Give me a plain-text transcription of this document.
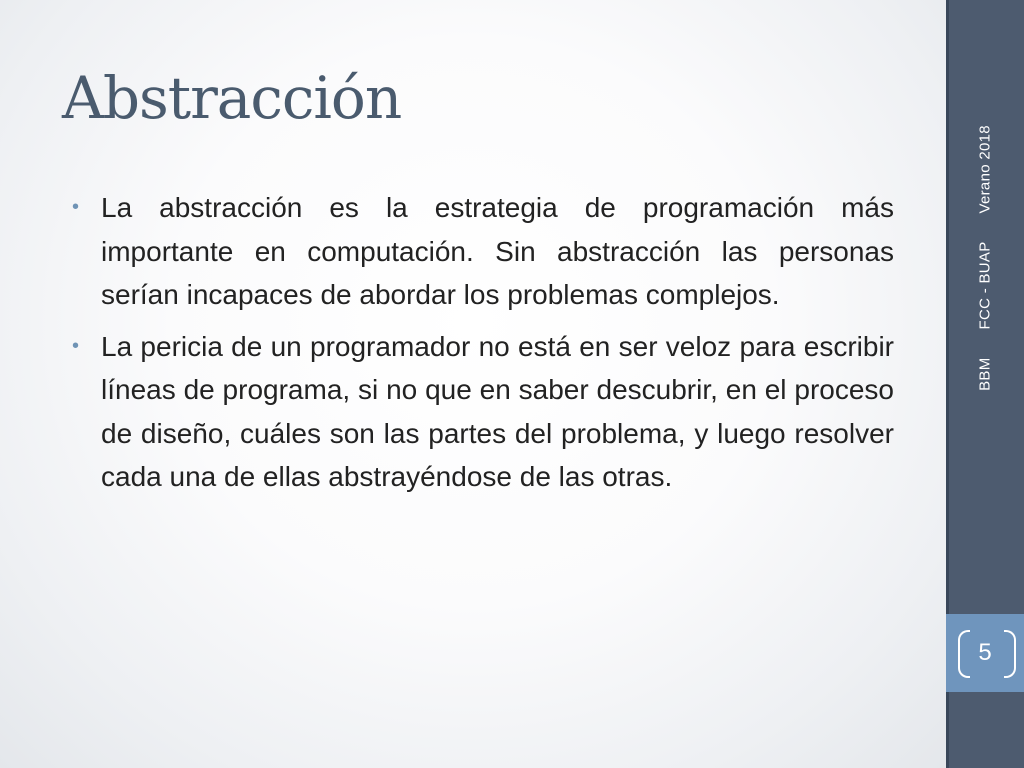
Abstracción
• La abstracción es la estrategia de programación más importante en computación. Sin abstracción las personas serían incapaces de abordar los problemas complejos.
• La pericia de un programador no está en ser veloz para escribir líneas de programa, si no que en saber descubrir, en el proceso de diseño, cuáles son las partes del problema, y luego resolver cada una de ellas abstrayéndose de las otras.
BBMFCC - BUAPVerano 2018
5
